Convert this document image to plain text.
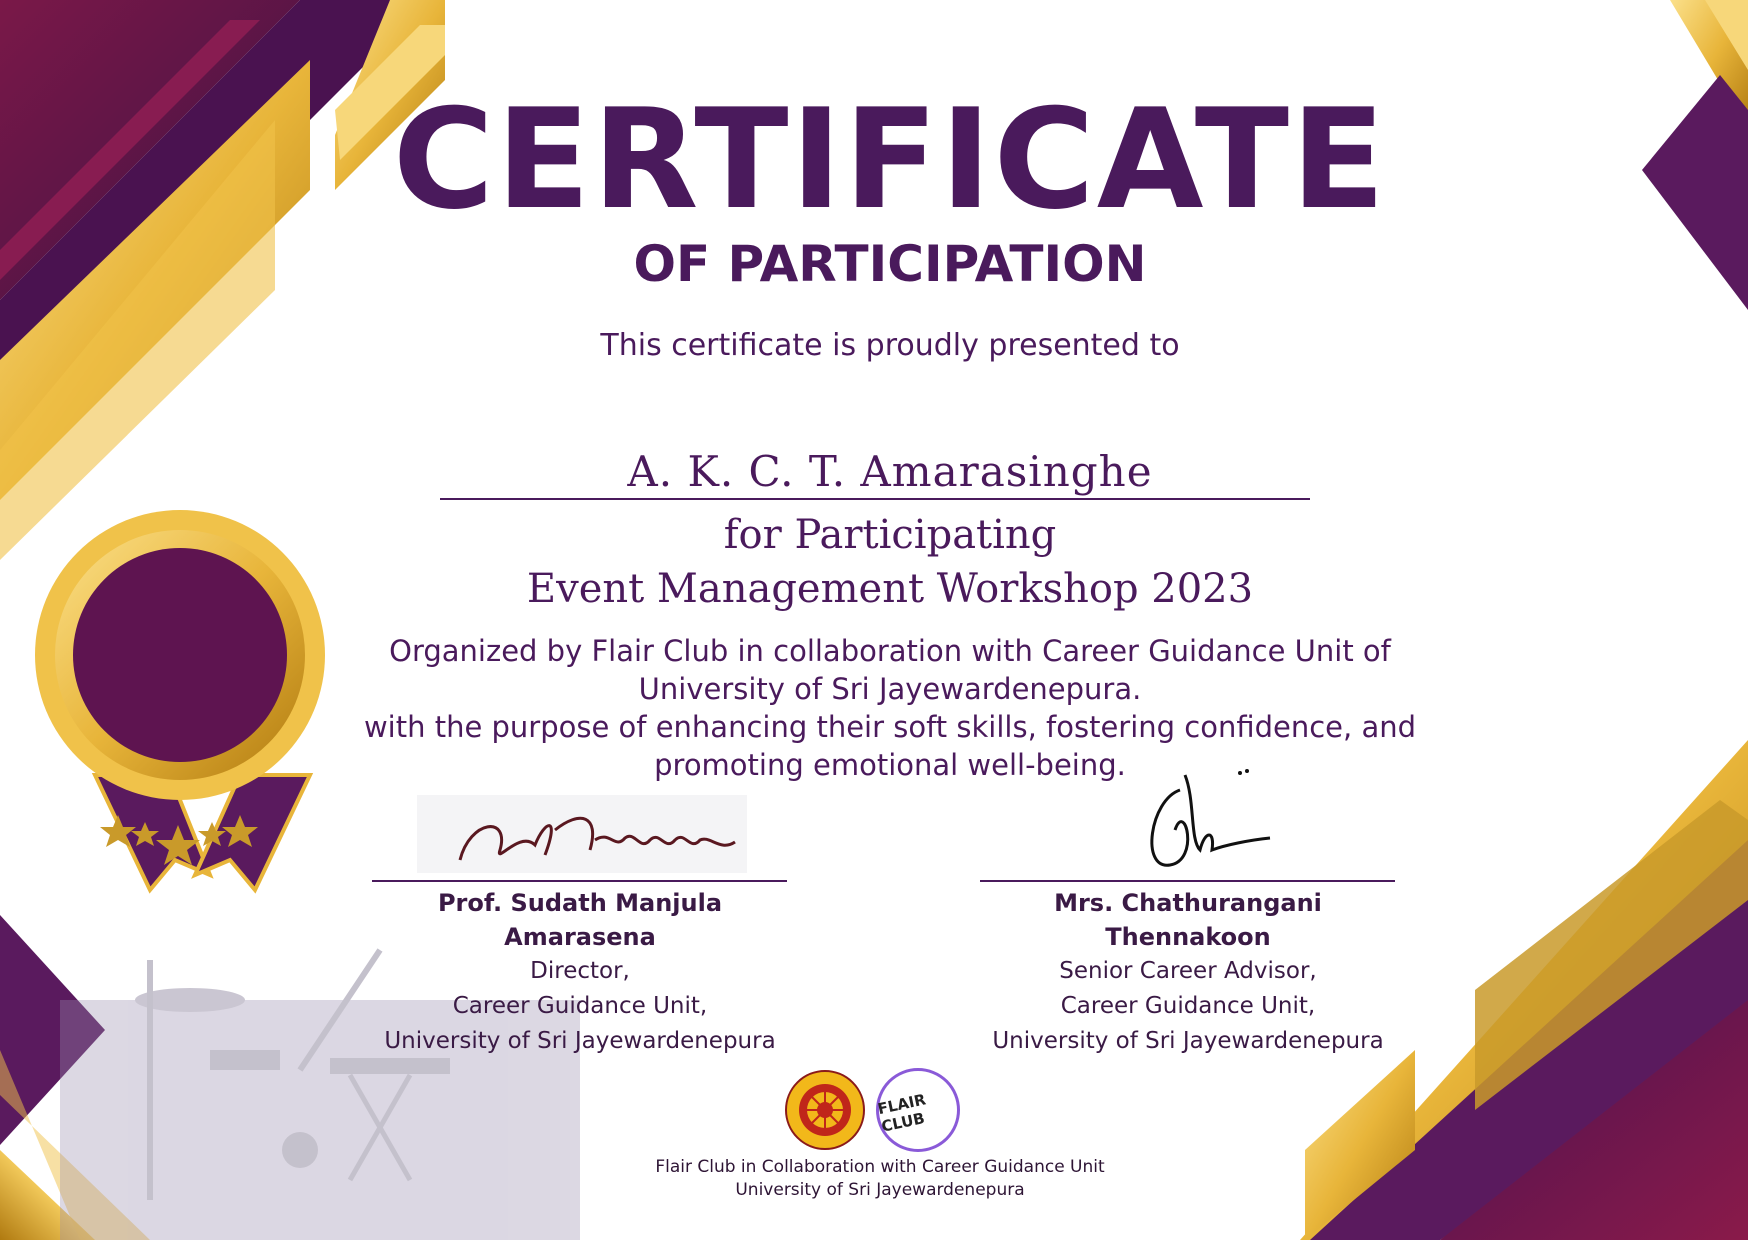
CERTIFICATE
OF PARTICIPATION
This certificate is proudly presented to
A. K. C. T. Amarasinghe
for Participating
Event Management Workshop 2023
Organized by Flair Club in collaboration with Career Guidance Unit of
University of Sri Jayewardenepura.
with the purpose of enhancing their soft skills, fostering confidence, and
promoting emotional well-being.
Prof. Sudath Manjula Amarasena
Director,
Career Guidance Unit,
University of Sri Jayewardenepura
Mrs. Chathurangani Thennakoon
Senior Career Advisor,
Career Guidance Unit,
University of Sri Jayewardenepura
FLAIR CLUB
Flair Club in Collaboration with Career Guidance Unit
University of Sri Jayewardenepura
